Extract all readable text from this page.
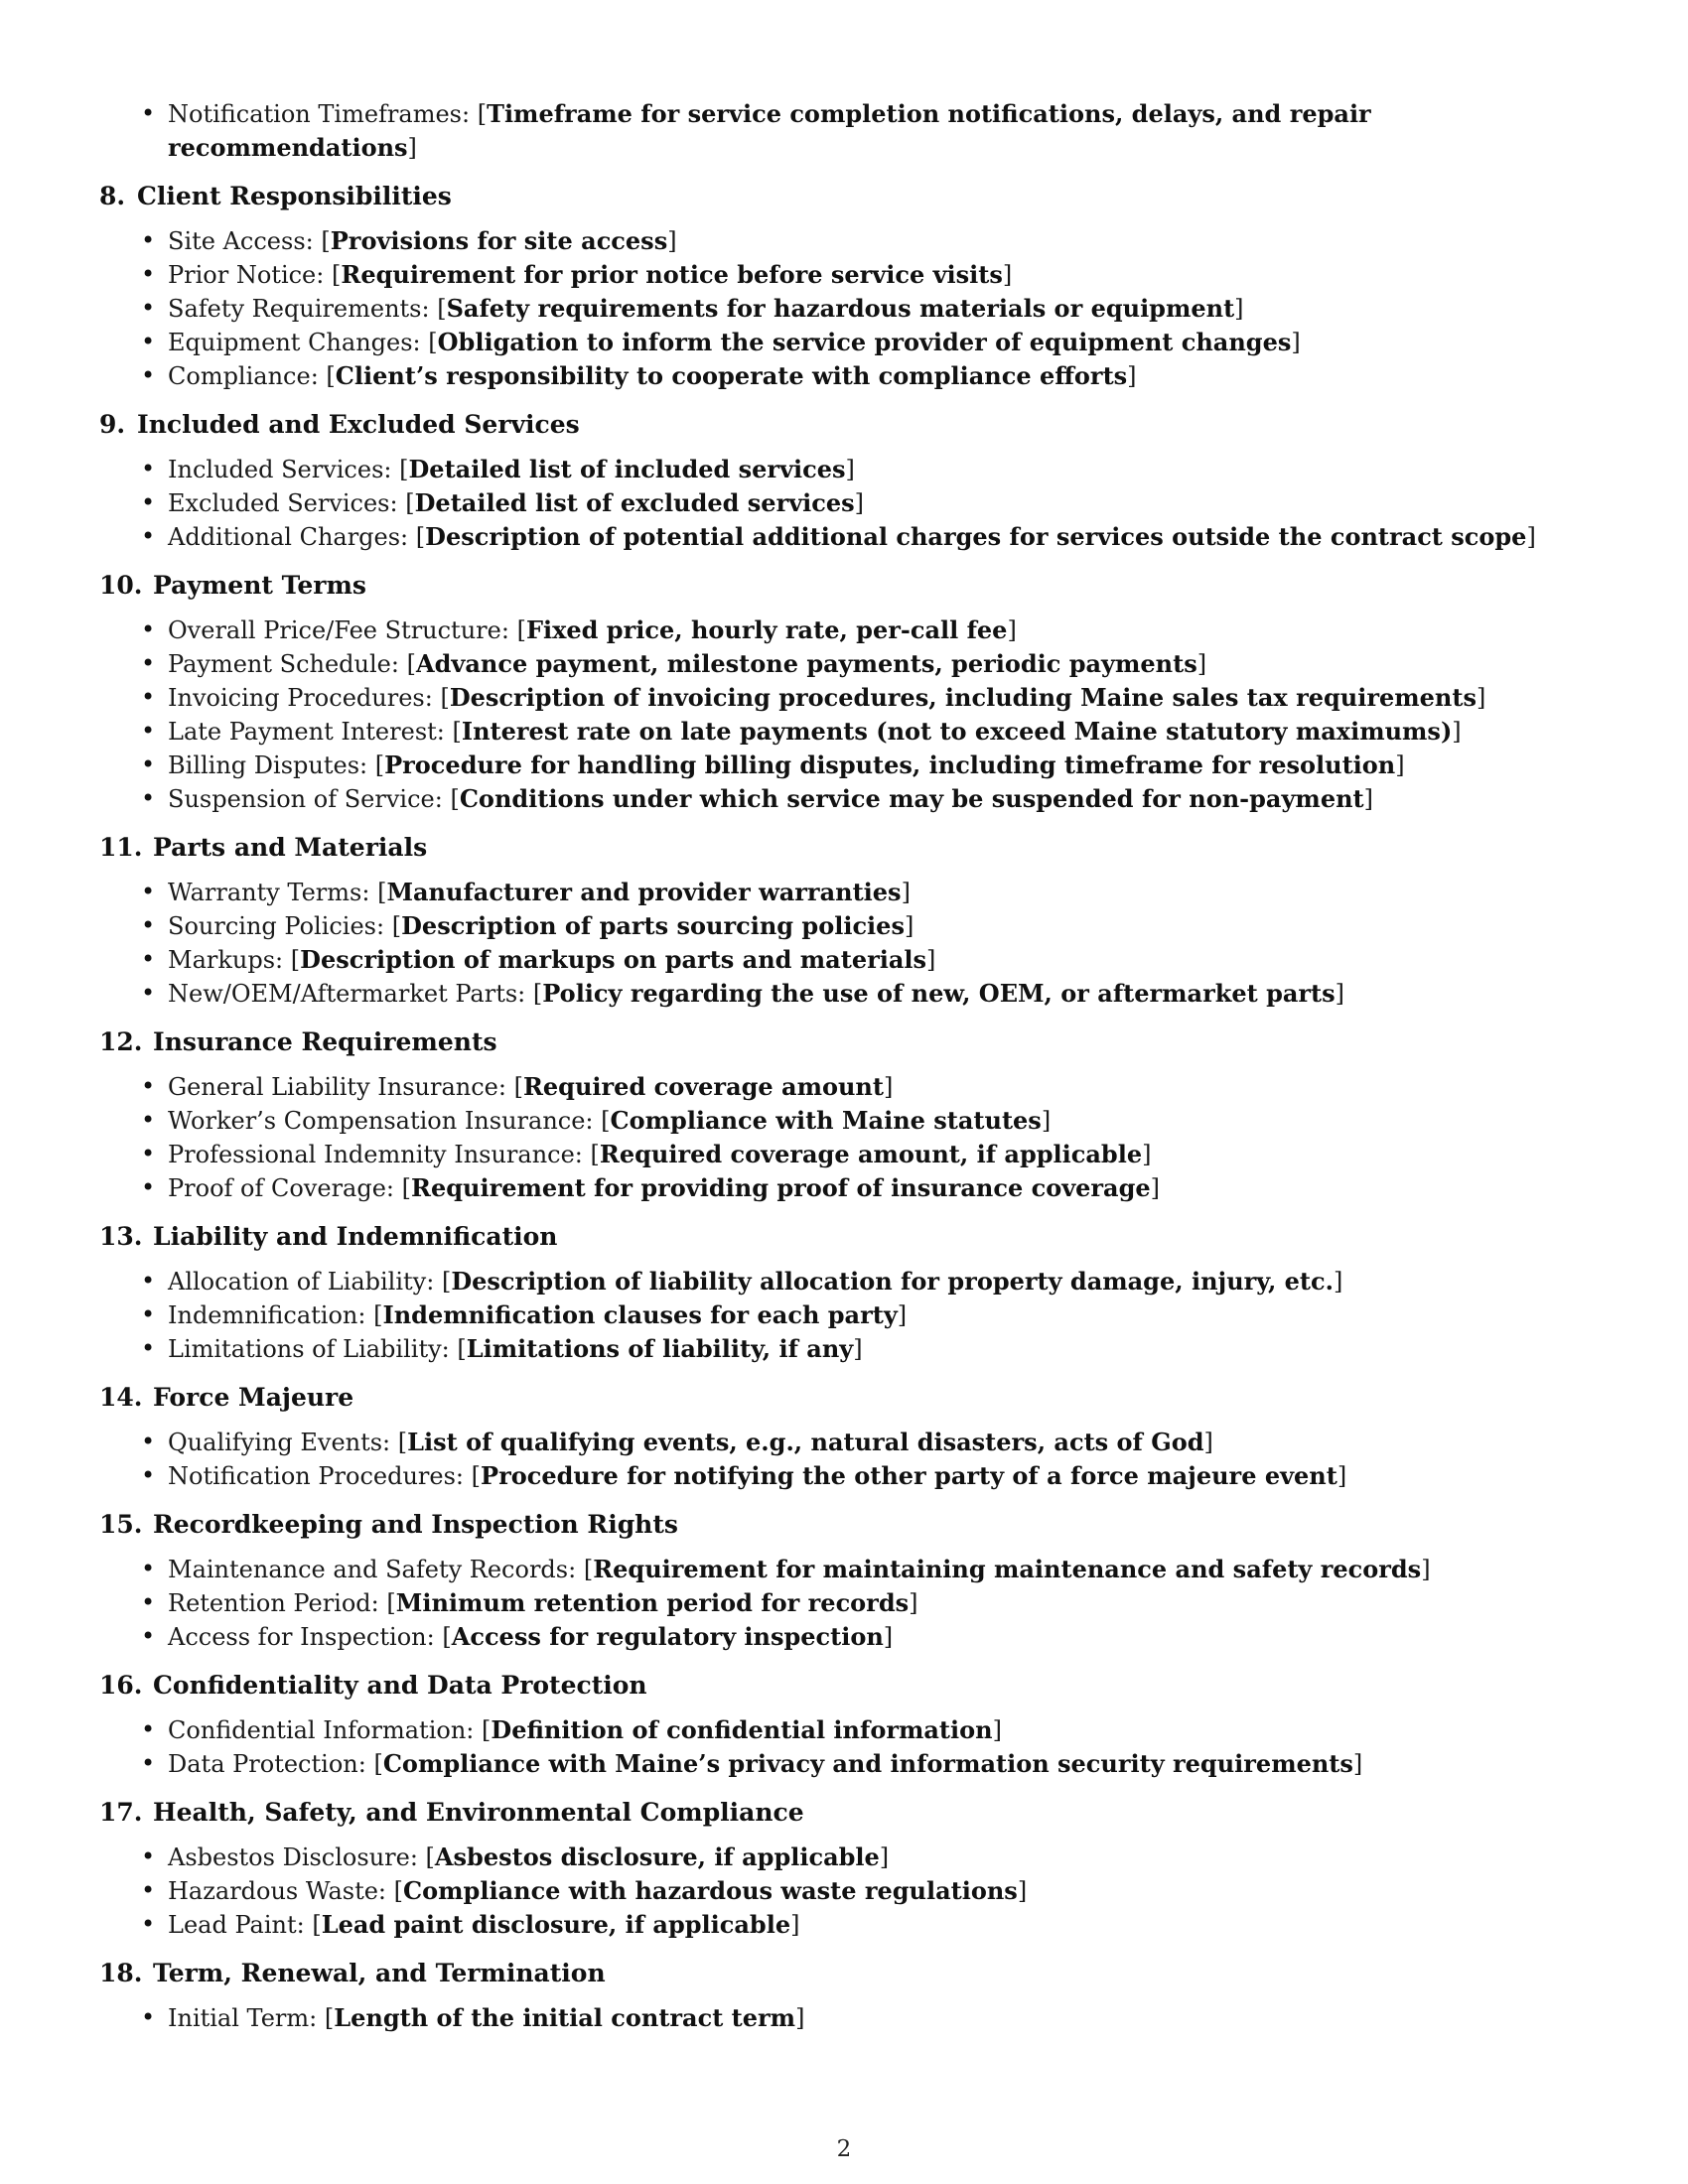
• Notification Timeframes: [Timeframe for service completion notifications, delays, and repair recommendations]
8. Client Responsibilities
• Site Access: [Provisions for site access]
• Prior Notice: [Requirement for prior notice before service visits]
• Safety Requirements: [Safety requirements for hazardous materials or equipment]
• Equipment Changes: [Obligation to inform the service provider of equipment changes]
• Compliance: [Client’s responsibility to cooperate with compliance efforts]
9. Included and Excluded Services
• Included Services: [Detailed list of included services]
• Excluded Services: [Detailed list of excluded services]
• Additional Charges: [Description of potential additional charges for services outside the contract scope]
10. Payment Terms
• Overall Price/Fee Structure: [Fixed price, hourly rate, per-call fee]
• Payment Schedule: [Advance payment, milestone payments, periodic payments]
• Invoicing Procedures: [Description of invoicing procedures, including Maine sales tax requirements]
• Late Payment Interest: [Interest rate on late payments (not to exceed Maine statutory maximums)]
• Billing Disputes: [Procedure for handling billing disputes, including timeframe for resolution]
• Suspension of Service: [Conditions under which service may be suspended for non-payment]
11. Parts and Materials
• Warranty Terms: [Manufacturer and provider warranties]
• Sourcing Policies: [Description of parts sourcing policies]
• Markups: [Description of markups on parts and materials]
• New/OEM/Aftermarket Parts: [Policy regarding the use of new, OEM, or aftermarket parts]
12. Insurance Requirements
• General Liability Insurance: [Required coverage amount]
• Worker’s Compensation Insurance: [Compliance with Maine statutes]
• Professional Indemnity Insurance: [Required coverage amount, if applicable]
• Proof of Coverage: [Requirement for providing proof of insurance coverage]
13. Liability and Indemnification
• Allocation of Liability: [Description of liability allocation for property damage, injury, etc.]
• Indemnification: [Indemnification clauses for each party]
• Limitations of Liability: [Limitations of liability, if any]
14. Force Majeure
• Qualifying Events: [List of qualifying events, e.g., natural disasters, acts of God]
• Notification Procedures: [Procedure for notifying the other party of a force majeure event]
15. Recordkeeping and Inspection Rights
• Maintenance and Safety Records: [Requirement for maintaining maintenance and safety records]
• Retention Period: [Minimum retention period for records]
• Access for Inspection: [Access for regulatory inspection]
16. Confidentiality and Data Protection
• Confidential Information: [Definition of confidential information]
• Data Protection: [Compliance with Maine’s privacy and information security requirements]
17. Health, Safety, and Environmental Compliance
• Asbestos Disclosure: [Asbestos disclosure, if applicable]
• Hazardous Waste: [Compliance with hazardous waste regulations]
• Lead Paint: [Lead paint disclosure, if applicable]
18. Term, Renewal, and Termination
• Initial Term: [Length of the initial contract term]
2
